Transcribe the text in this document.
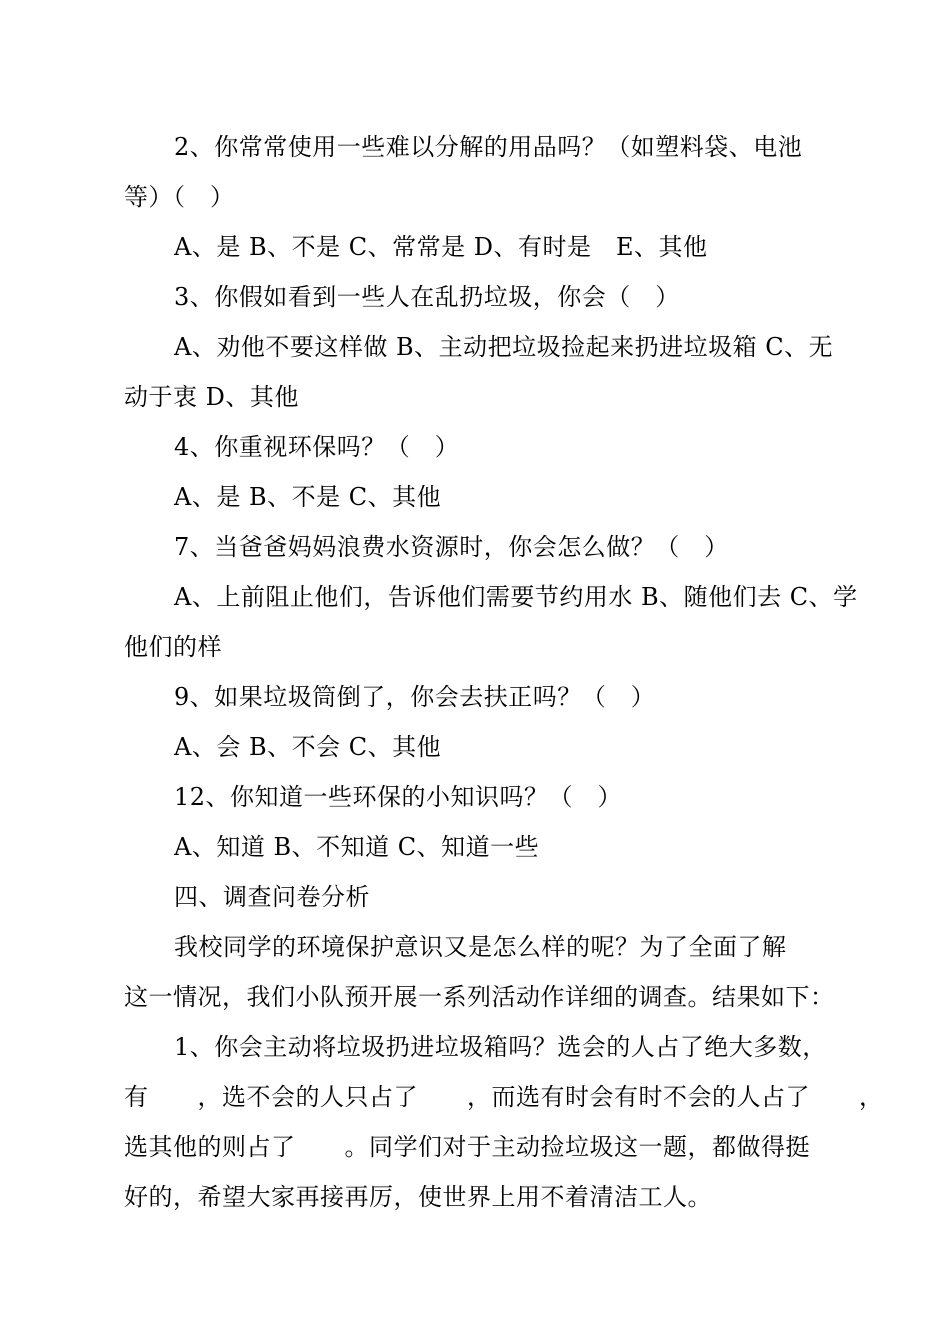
2、你常常使用一些难以分解的用品吗？（如塑料袋、电池
等）（　）
A、是 B、不是 C、常常是 D、有时是　E、其他
3、你假如看到一些人在乱扔垃圾，你会（　）
A、劝他不要这样做 B、主动把垃圾捡起来扔进垃圾箱 C、无
动于衷 D、其他
4、你重视环保吗？（　）
A、是 B、不是 C、其他
7、当爸爸妈妈浪费水资源时，你会怎么做？（　）
A、上前阻止他们，告诉他们需要节约用水 B、随他们去 C、学
他们的样
9、如果垃圾筒倒了，你会去扶正吗？（　）
A、会 B、不会 C、其他
12、你知道一些环保的小知识吗？（　）
A、知道 B、不知道 C、知道一些
四、调查问卷分析
我校同学的环境保护意识又是怎么样的呢？为了全面了解
这一情况，我们小队预开展一系列活动作详细的调查。结果如下：
1、你会主动将垃圾扔进垃圾箱吗？选会的人占了绝大多数，
有　　，选不会的人只占了　　，而选有时会有时不会的人占了　　，
选其他的则占了　　。同学们对于主动捡垃圾这一题，都做得挺
好的，希望大家再接再厉，使世界上用不着清洁工人。
